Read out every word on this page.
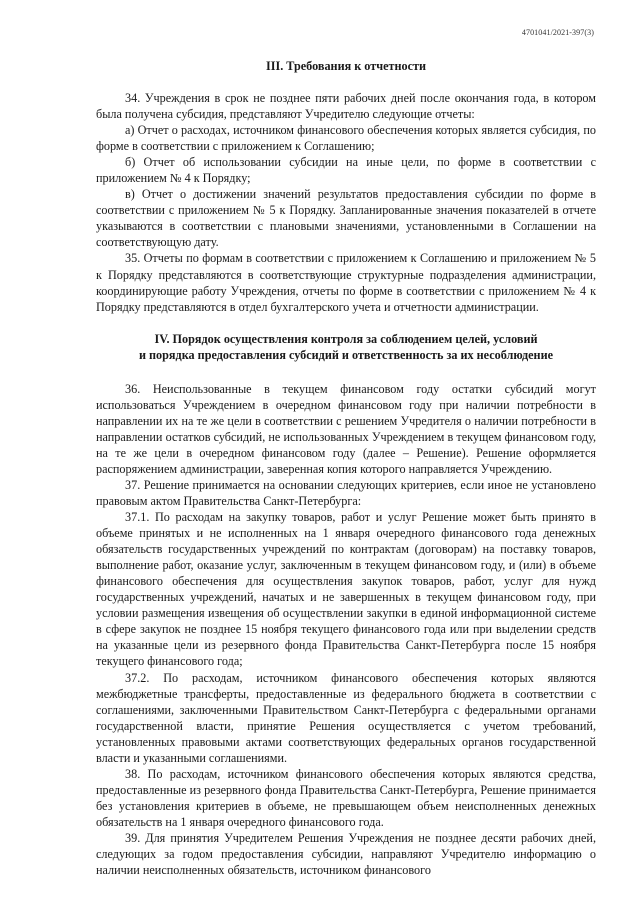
4701041/2021-397(3)
III. Требования к отчетности

34. Учреждения в срок не позднее пяти рабочих дней после окончания года, в котором была получена субсидия, представляют Учредителю следующие отчеты:

а) Отчет о расходах, источником финансового обеспечения которых является субсидия, по форме в соответствии с приложением к Соглашению;

б) Отчет об использовании субсидии на иные цели, по форме в соответствии с приложением № 4 к Порядку;

в) Отчет о достижении значений результатов предоставления субсидии по форме в соответствии с приложением № 5 к Порядку. Запланированные значения показателей в отчете указываются в соответствии с плановыми значениями, установленными в Соглашении на соответствующую дату.

35. Отчеты по формам в соответствии с приложением к Соглашению и приложением № 5 к Порядку представляются в соответствующие структурные подразделения администрации, координирующие работу Учреждения, отчеты по форме в соответствии с приложением № 4 к Порядку представляются в отдел бухгалтерского учета и отчетности администрации.

IV. Порядок осуществления контроля за соблюдением целей, условий
и порядка предоставления субсидий и ответственность за их несоблюдение

36. Неиспользованные в текущем финансовом году остатки субсидий могут использоваться Учреждением в очередном финансовом году при наличии потребности в направлении их на те же цели в соответствии с решением Учредителя о наличии потребности в направлении остатков субсидий, не использованных Учреждением в текущем финансовом году, на те же цели в очередном финансовом году (далее – Решение). Решение оформляется распоряжением администрации, заверенная копия которого направляется Учреждению.

37. Решение принимается на основании следующих критериев, если иное не установлено правовым актом Правительства Санкт-Петербурга:

37.1. По расходам на закупку товаров, работ и услуг Решение может быть принято в объеме принятых и не исполненных на 1 января очередного финансового года денежных обязательств государственных учреждений по контрактам (договорам) на поставку товаров, выполнение работ, оказание услуг, заключенным в текущем финансовом году, и (или) в объеме финансового обеспечения для осуществления закупок товаров, работ, услуг для нужд государственных учреждений, начатых и не завершенных в текущем финансовом году, при условии размещения извещения об осуществлении закупки в единой информационной системе в сфере закупок не позднее 15 ноября текущего финансового года или при выделении средств на указанные цели из резервного фонда Правительства Санкт-Петербурга после 15 ноября текущего финансового года;

37.2. По расходам, источником финансового обеспечения которых являются межбюджетные трансферты, предоставленные из федерального бюджета в соответствии с соглашениями, заключенными Правительством Санкт-Петербурга с федеральными органами государственной власти, принятие Решения осуществляется с учетом требований, установленных правовыми актами соответствующих федеральных органов государственной власти и указанными соглашениями.

38. По расходам, источником финансового обеспечения которых являются средства, предоставленные из резервного фонда Правительства Санкт-Петербурга, Решение принимается без установления критериев в объеме, не превышающем объем неисполненных денежных обязательств на 1 января очередного финансового года.

39. Для принятия Учредителем Решения Учреждения не позднее десяти рабочих дней, следующих за годом предоставления субсидии, направляют Учредителю информацию о наличии неисполненных обязательств, источником финансового
